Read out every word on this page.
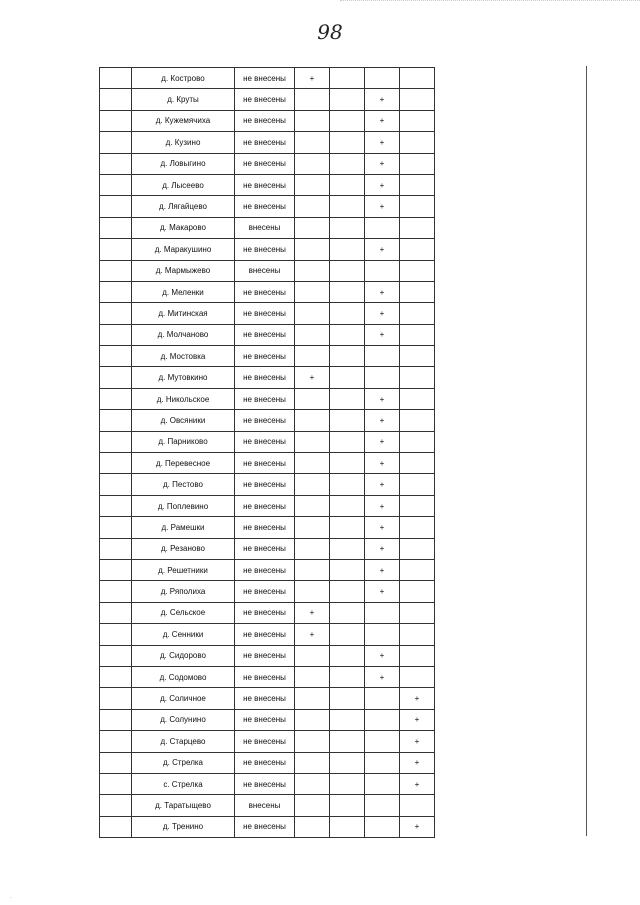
98
	д. Кострово	не внесены	+			
	д. Круты	не внесены			+	
	д. Кужемячиха	не внесены			+	
	д. Кузино	не внесены			+	
	д. Ловыгино	не внесены			+	
	д. Лысеево	не внесены			+	
	д. Лягайцево	не внесены			+	
	д. Макарово	внесены				
	д. Маракушино	не внесены			+	
	д. Мармыжево	внесены				
	д. Меленки	не внесены			+	
	д. Митинская	не внесены			+	
	д. Молчаново	не внесены			+	
	д. Мостовка	не внесены				
	д. Мутовкино	не внесены	+			
	д. Никольское	не внесены			+	
	д. Овсяники	не внесены			+	
	д. Парниково	не внесены			+	
	д. Перевесное	не внесены			+	
	д. Пестово	не внесены			+	
	д. Поплевино	не внесены			+	
	д. Рамешки	не внесены			+	
	д. Резаново	не внесены			+	
	д. Решетники	не внесены			+	
	д. Ряполиха	не внесены			+	
	д. Сельское	не внесены	+			
	д. Сенники	не внесены	+			
	д. Сидорово	не внесены			+	
	д. Содомово	не внесены			+	
	д. Соличное	не внесены				+
	д. Солунино	не внесены				+
	д. Старцево	не внесены				+
	д. Стрелка	не внесены				+
	с. Стрелка	не внесены				+
	д. Таратыщево	внесены				
	д. Тренино	не внесены				+
·
